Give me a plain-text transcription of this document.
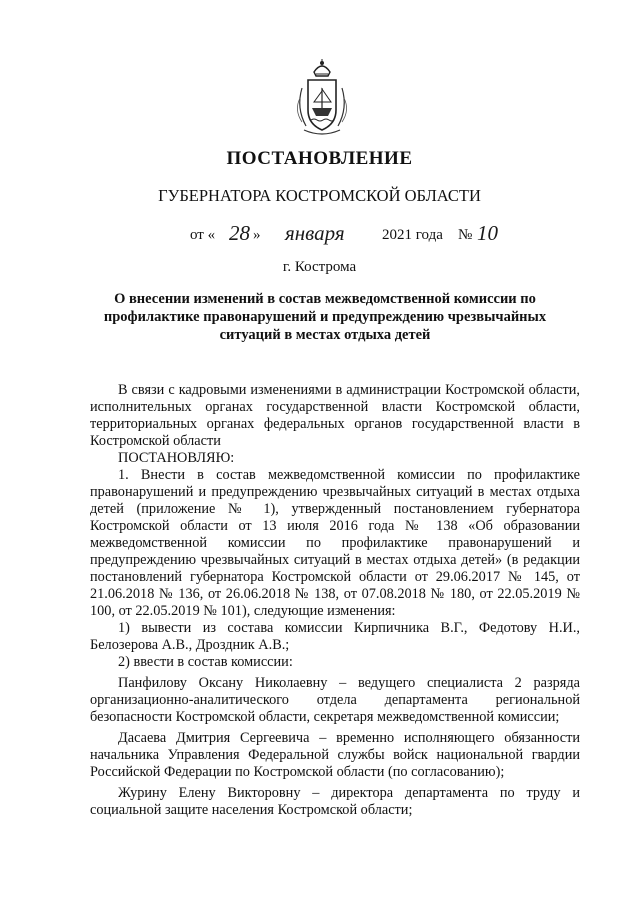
ПОСТАНОВЛЕНИЕ
ГУБЕРНАТОРА КОСТРОМСКОЙ ОБЛАСТИ
от « 28 » января 2021 года № 10
г. Кострома
О внесении изменений в состав межведомственной комиссии по профилактике правонарушений и предупреждению чрезвычайных ситуаций в местах отдыха детей

В связи с кадровыми изменениями в администрации Костромской области, исполнительных органах государственной власти Костромской области, территориальных органах федеральных органов государственной власти в Костромской области

ПОСТАНОВЛЯЮ:

1. Внести в состав межведомственной комиссии по профилактике правонарушений и предупреждению чрезвычайных ситуаций в местах отдыха детей (приложение № 1), утвержденный постановлением губернатора Костромской области от 13 июля 2016 года № 138 «Об образовании межведомственной комиссии по профилактике правонарушений и предупреждению чрезвычайных ситуаций в местах отдыха детей» (в редакции постановлений губернатора Костромской области от 29.06.2017 № 145, от 21.06.2018 № 136, от 26.06.2018 № 138, от 07.08.2018 № 180, от 22.05.2019 № 100, от 22.05.2019 № 101), следующие изменения:

1) вывести из состава комиссии Кирпичника В.Г., Федотову Н.И., Белозерова А.В., Дроздник А.В.;

2) ввести в состав комиссии:

Панфилову Оксану Николаевну – ведущего специалиста 2 разряда организационно-аналитического отдела департамента региональной безопасности Костромской области, секретаря межведомственной комиссии;

Дасаева Дмитрия Сергеевича – временно исполняющего обязанности начальника Управления Федеральной службы войск национальной гвардии Российской Федерации по Костромской области (по согласованию);

Журину Елену Викторовну – директора департамента по труду и социальной защите населения Костромской области;
